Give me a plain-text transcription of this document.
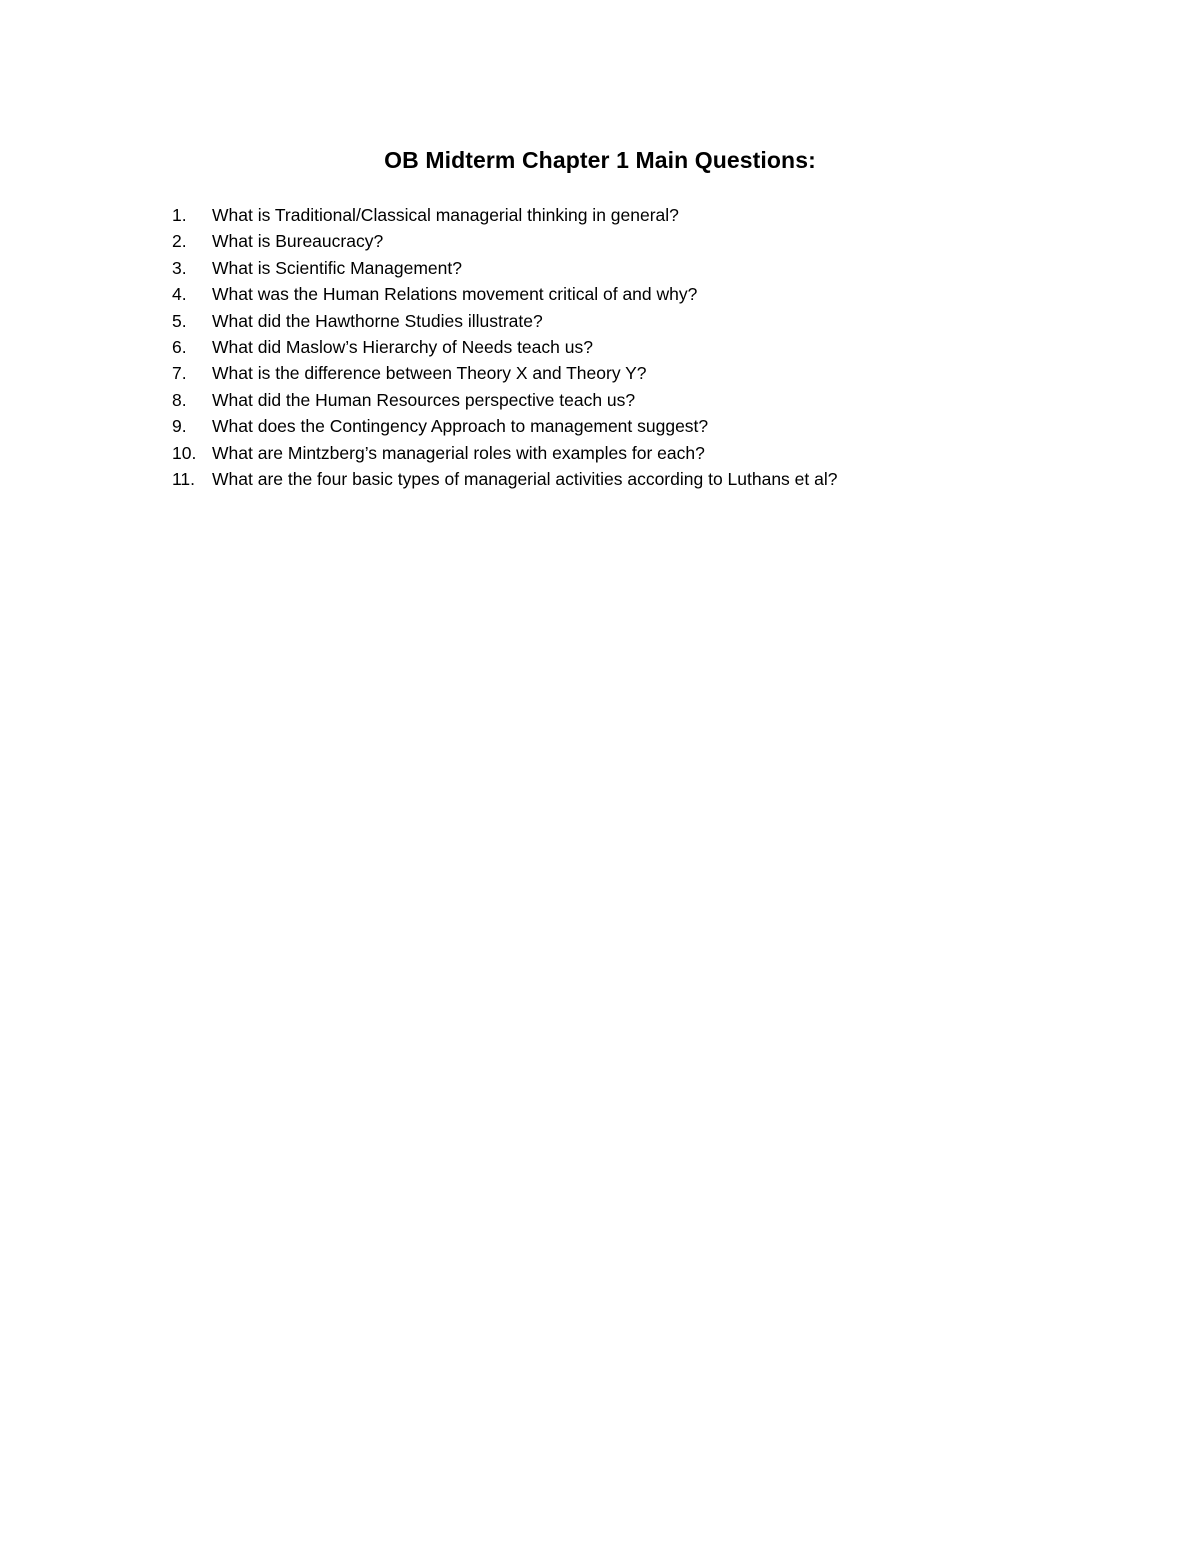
OB Midterm Chapter 1 Main Questions:
1.	What is Traditional/Classical managerial thinking in general?
2.	What is Bureaucracy?
3.	What is Scientific Management?
4.	What was the Human Relations movement critical of and why?
5.	What did the Hawthorne Studies illustrate?
6.	What did Maslow’s Hierarchy of Needs teach us?
7.	What is the difference between Theory X and Theory Y?
8.	What did the Human Resources perspective teach us?
9.	What does the Contingency Approach to management suggest?
10. What are Mintzberg’s managerial roles with examples for each?
11. What are the four basic types of managerial activities according to Luthans et al?
